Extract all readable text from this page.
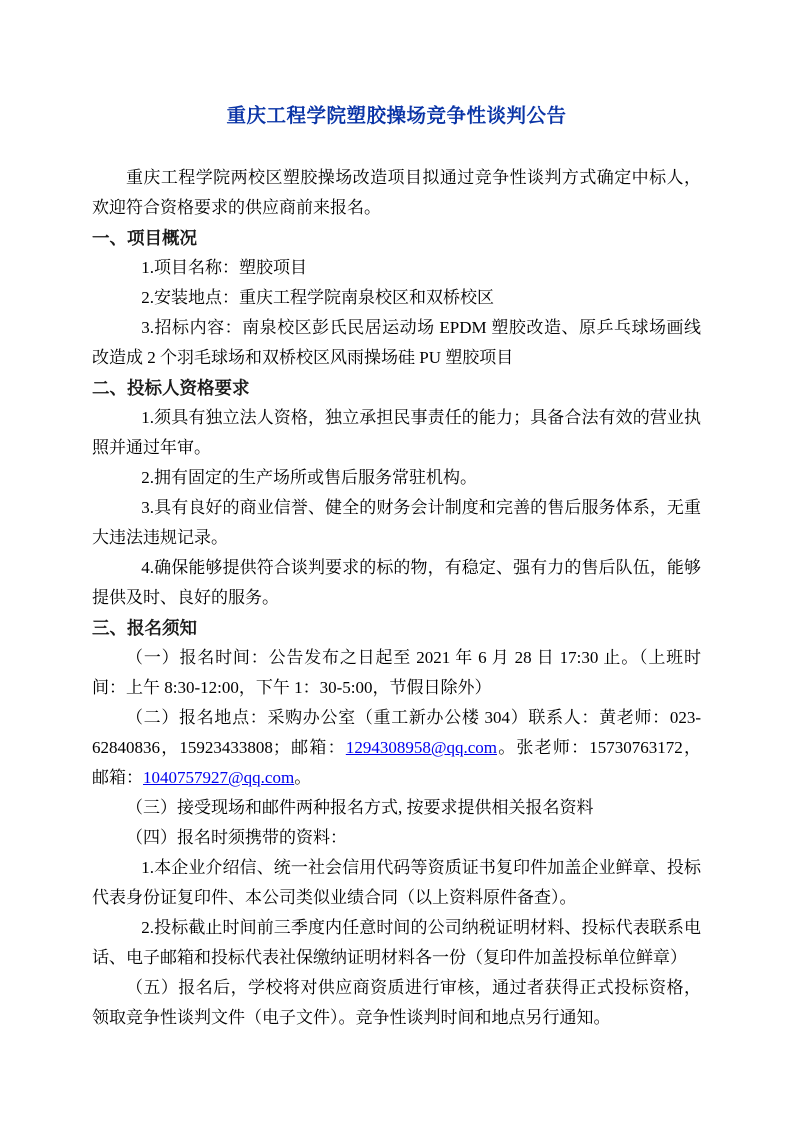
重庆工程学院塑胶操场竞争性谈判公告

重庆工程学院两校区塑胶操场改造项目拟通过竞争性谈判方式确定中标人，欢迎符合资格要求的供应商前来报名。

一、项目概况

1.项目名称：塑胶项目

2.安装地点：重庆工程学院南泉校区和双桥校区

3.招标内容：南泉校区彭氏民居运动场 EPDM 塑胶改造、原乒乓球场画线改造成 2 个羽毛球场和双桥校区风雨操场硅 PU 塑胶项目

二、投标人资格要求

1.须具有独立法人资格，独立承担民事责任的能力；具备合法有效的营业执照并通过年审。

2.拥有固定的生产场所或售后服务常驻机构。

3.具有良好的商业信誉、健全的财务会计制度和完善的售后服务体系，无重大违法违规记录。

4.确保能够提供符合谈判要求的标的物，有稳定、强有力的售后队伍，能够提供及时、良好的服务。

三、报名须知

（一）报名时间：公告发布之日起至 2021 年 6 月 28 日 17:30 止。（上班时间：上午 8:30-12:00，下午 1：30-5:00，节假日除外）

（二）报名地点：采购办公室（重工新办公楼 304）联系人：黄老师：023-62840836，15923433808；邮箱：1294308958@qq.com。张老师：15730763172，邮箱：1040757927@qq.com。

（三）接受现场和邮件两种报名方式, 按要求提供相关报名资料

（四）报名时须携带的资料：

1.本企业介绍信、统一社会信用代码等资质证书复印件加盖企业鲜章、投标代表身份证复印件、本公司类似业绩合同（以上资料原件备查）。

2.投标截止时间前三季度内任意时间的公司纳税证明材料、投标代表联系电话、电子邮箱和投标代表社保缴纳证明材料各一份（复印件加盖投标单位鲜章）

（五）报名后，学校将对供应商资质进行审核，通过者获得正式投标资格，领取竞争性谈判文件（电子文件）。竞争性谈判时间和地点另行通知。
